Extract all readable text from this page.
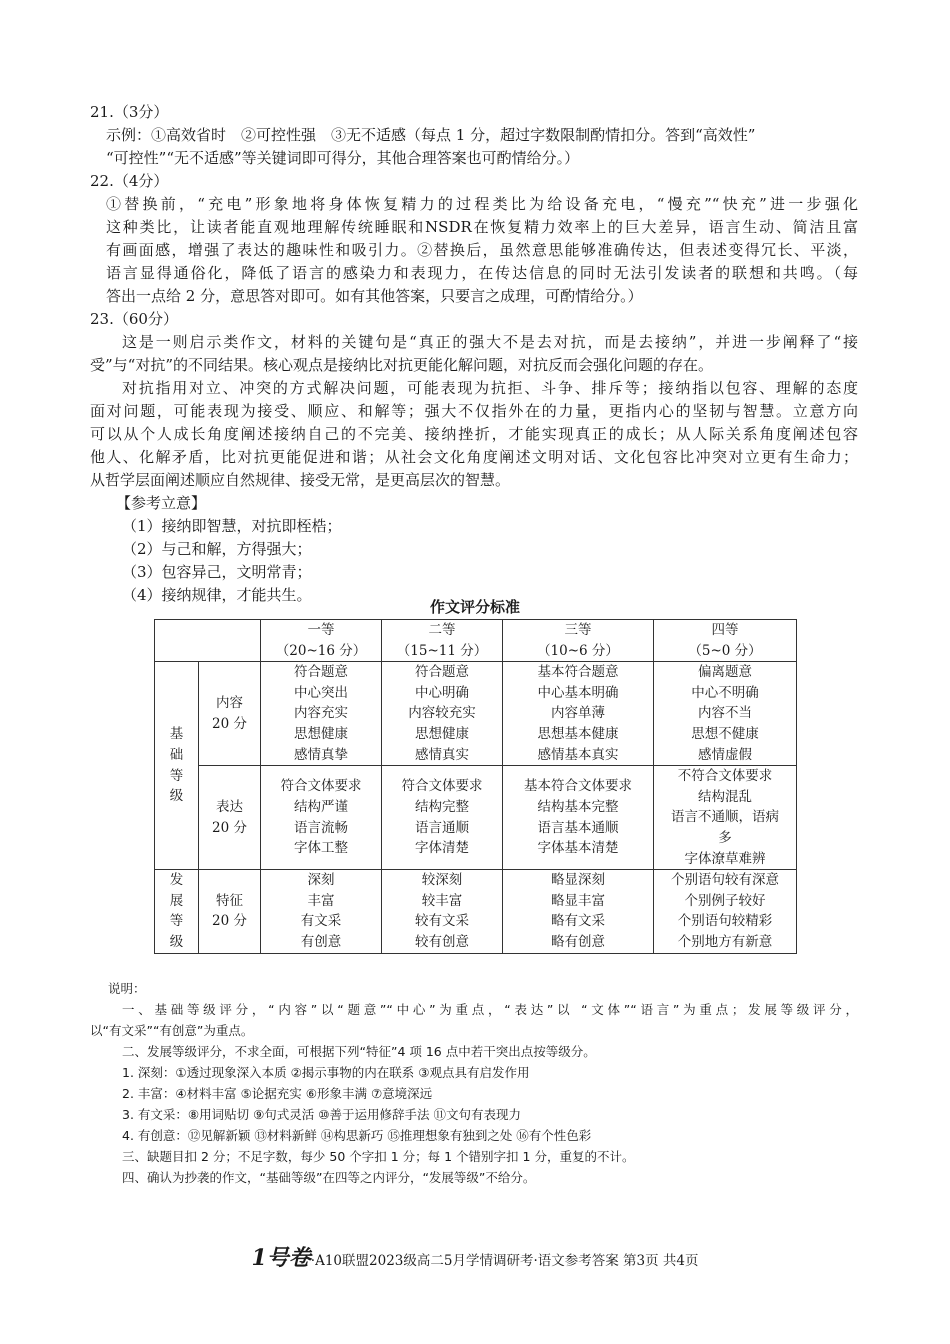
21.（3分）
示例：①高效省时　②可控性强　③无不适感（每点 1 分，超过字数限制酌情扣分。答到“高效性”
“可控性”“无不适感”等关键词即可得分，其他合理答案也可酌情给分。）
22.（4分）
①替换前，“充电”形象地将身体恢复精力的过程类比为给设备充电，“慢充”“快充”进一步强化
这种类比，让读者能直观地理解传统睡眠和NSDR在恢复精力效率上的巨大差异，语言生动、简洁且富
有画面感，增强了表达的趣味性和吸引力。②替换后，虽然意思能够准确传达，但表述变得冗长、平淡，
语言显得通俗化，降低了语言的感染力和表现力，在传达信息的同时无法引发读者的联想和共鸣。（每
答出一点给 2 分，意思答对即可。如有其他答案，只要言之成理，可酌情给分。）
23.（60分）
这是一则启示类作文，材料的关键句是“真正的强大不是去对抗，而是去接纳”，并进一步阐释了“接
受”与“对抗”的不同结果。核心观点是接纳比对抗更能化解问题，对抗反而会强化问题的存在。
对抗指用对立、冲突的方式解决问题，可能表现为抗拒、斗争、排斥等；接纳指以包容、理解的态度
面对问题，可能表现为接受、顺应、和解等；强大不仅指外在的力量，更指内心的坚韧与智慧。立意方向
可以从个人成长角度阐述接纳自己的不完美、接纳挫折，才能实现真正的成长；从人际关系角度阐述包容
他人、化解矛盾，比对抗更能促进和谐；从社会文化角度阐述文明对话、文化包容比冲突对立更有生命力；
从哲学层面阐述顺应自然规律、接受无常，是更高层次的智慧。
【参考立意】
（1）接纳即智慧，对抗即桎梏；
（2）与己和解，方得强大；
（3）包容异己，文明常青；
（4）接纳规律，才能共生。
作文评分标准
		一等
（20~16 分）	二等
（15~11 分）	三等
（10~6 分）	四等
（5~0 分）

基
础
等
级	内容
20 分	符合题意
中心突出
内容充实
思想健康
感情真挚	符合题意
中心明确
内容较充实
思想健康
感情真实	基本符合题意
中心基本明确
内容单薄
思想基本健康
感情基本真实	偏离题意
中心不明确
内容不当
思想不健康
感情虚假
	表达
20 分	符合文体要求
结构严谨
语言流畅
字体工整	符合文体要求
结构完整
语言通顺
字体清楚	基本符合文体要求
结构基本完整
语言基本通顺
字体基本清楚	不符合文体要求
结构混乱
语言不通顺，语病
多
字体潦草难辨

发
展
等
级	特征
20 分	深刻
丰富
有文采
有创意	较深刻
较丰富
较有文采
较有创意	略显深刻
略显丰富
略有文采
略有创意	个别语句较有深意
个别例子较好
个别语句较精彩
个别地方有新意
说明：
一、基础等级评分，“内容”以“题意”“中心”为重点，“表达”以 “文体”“语言”为重点；发展等级评分，
以“有文采”“有创意”为重点。
二、发展等级评分，不求全面，可根据下列“特征”4 项 16 点中若干突出点按等级分。
1. 深刻：①透过现象深入本质 ②揭示事物的内在联系 ③观点具有启发作用
2. 丰富：④材料丰富 ⑤论据充实 ⑥形象丰满 ⑦意境深远
3. 有文采：⑧用词贴切 ⑨句式灵活 ⑩善于运用修辞手法 ⑪文句有表现力
4. 有创意：⑫见解新颖 ⑬材料新鲜 ⑭构思新巧 ⑮推理想象有独到之处 ⑯有个性色彩
三、缺题目扣 2 分；不足字数，每少 50 个字扣 1 分；每 1 个错别字扣 1 分，重复的不计。
四、确认为抄袭的作文，“基础等级”在四等之内评分，“发展等级”不给分。
1号卷·A10联盟2023级高二5月学情调研考·语文参考答案 第3页 共4页
